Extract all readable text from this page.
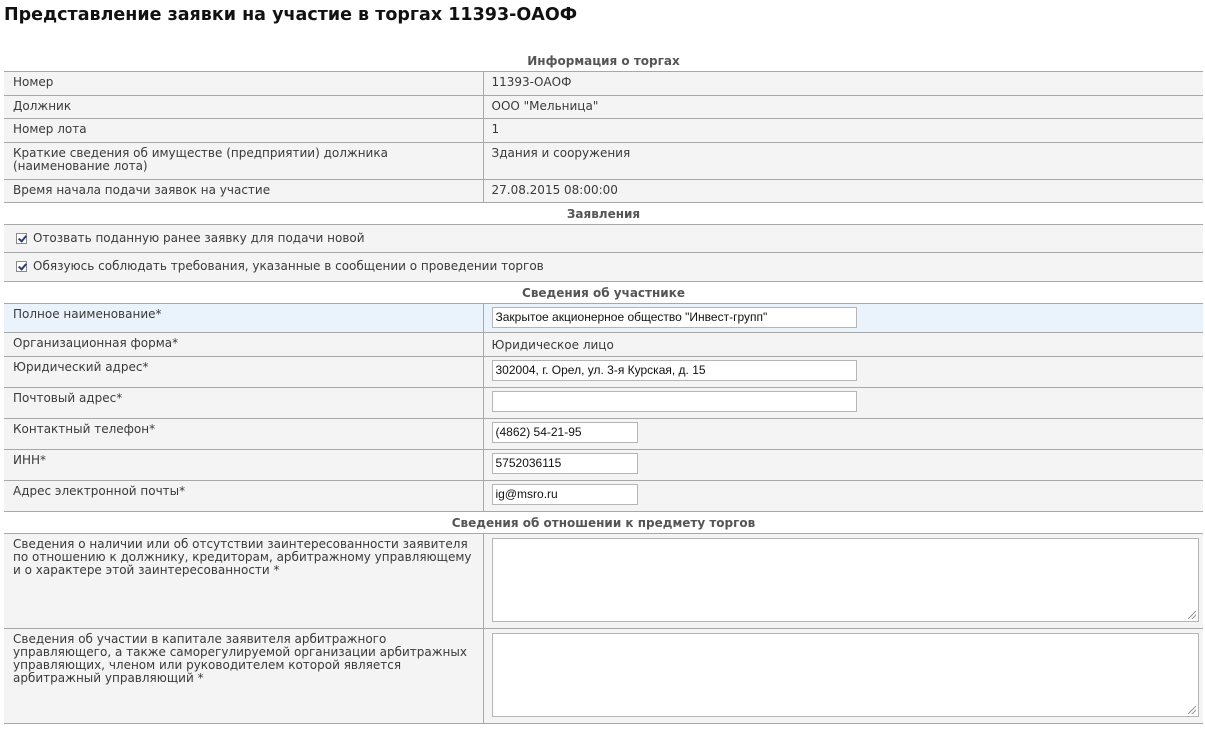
Представление заявки на участие в торгах 11393-ОАОФ
Информация о торгах	
Номер	11393-ОАОФ
Должник	ООО "Мельница"
Номер лота	1
Краткие сведения об имуществе (предприятии) должника (наименование лота)	Здания и сооружения
Время начала подачи заявок на участие	27.08.2015 08:00:00
Заявления	
Отозвать поданную ранее заявку для подачи новой	
Обязуюсь соблюдать требования, указанные в сообщении о проведении торгов	
Сведения об участнике	
Полное наименование*	Закрытое акционерное общество "Инвест-групп"

Организационная форма*	Юридическое лицо
Юридический адрес*	302004, г. Орел, ул. 3-я Курская, д. 15

Почтовый адрес*	

Контактный телефон*	(4862) 54-21-95

ИНН*	5752036115

Адрес электронной почты*	ig@msro.ru

Сведения об отношении к предмету торгов	
Сведения о наличии или об отсутствии заинтересованности заявителя по отношению к должнику, кредиторам, арбитражному управляющему и о характере этой заинтересованности *	

Сведения об участии в капитале заявителя арбитражного управляющего, а также саморегулируемой организации арбитражных управляющих, членом или руководителем которой является арбитражный управляющий *	
